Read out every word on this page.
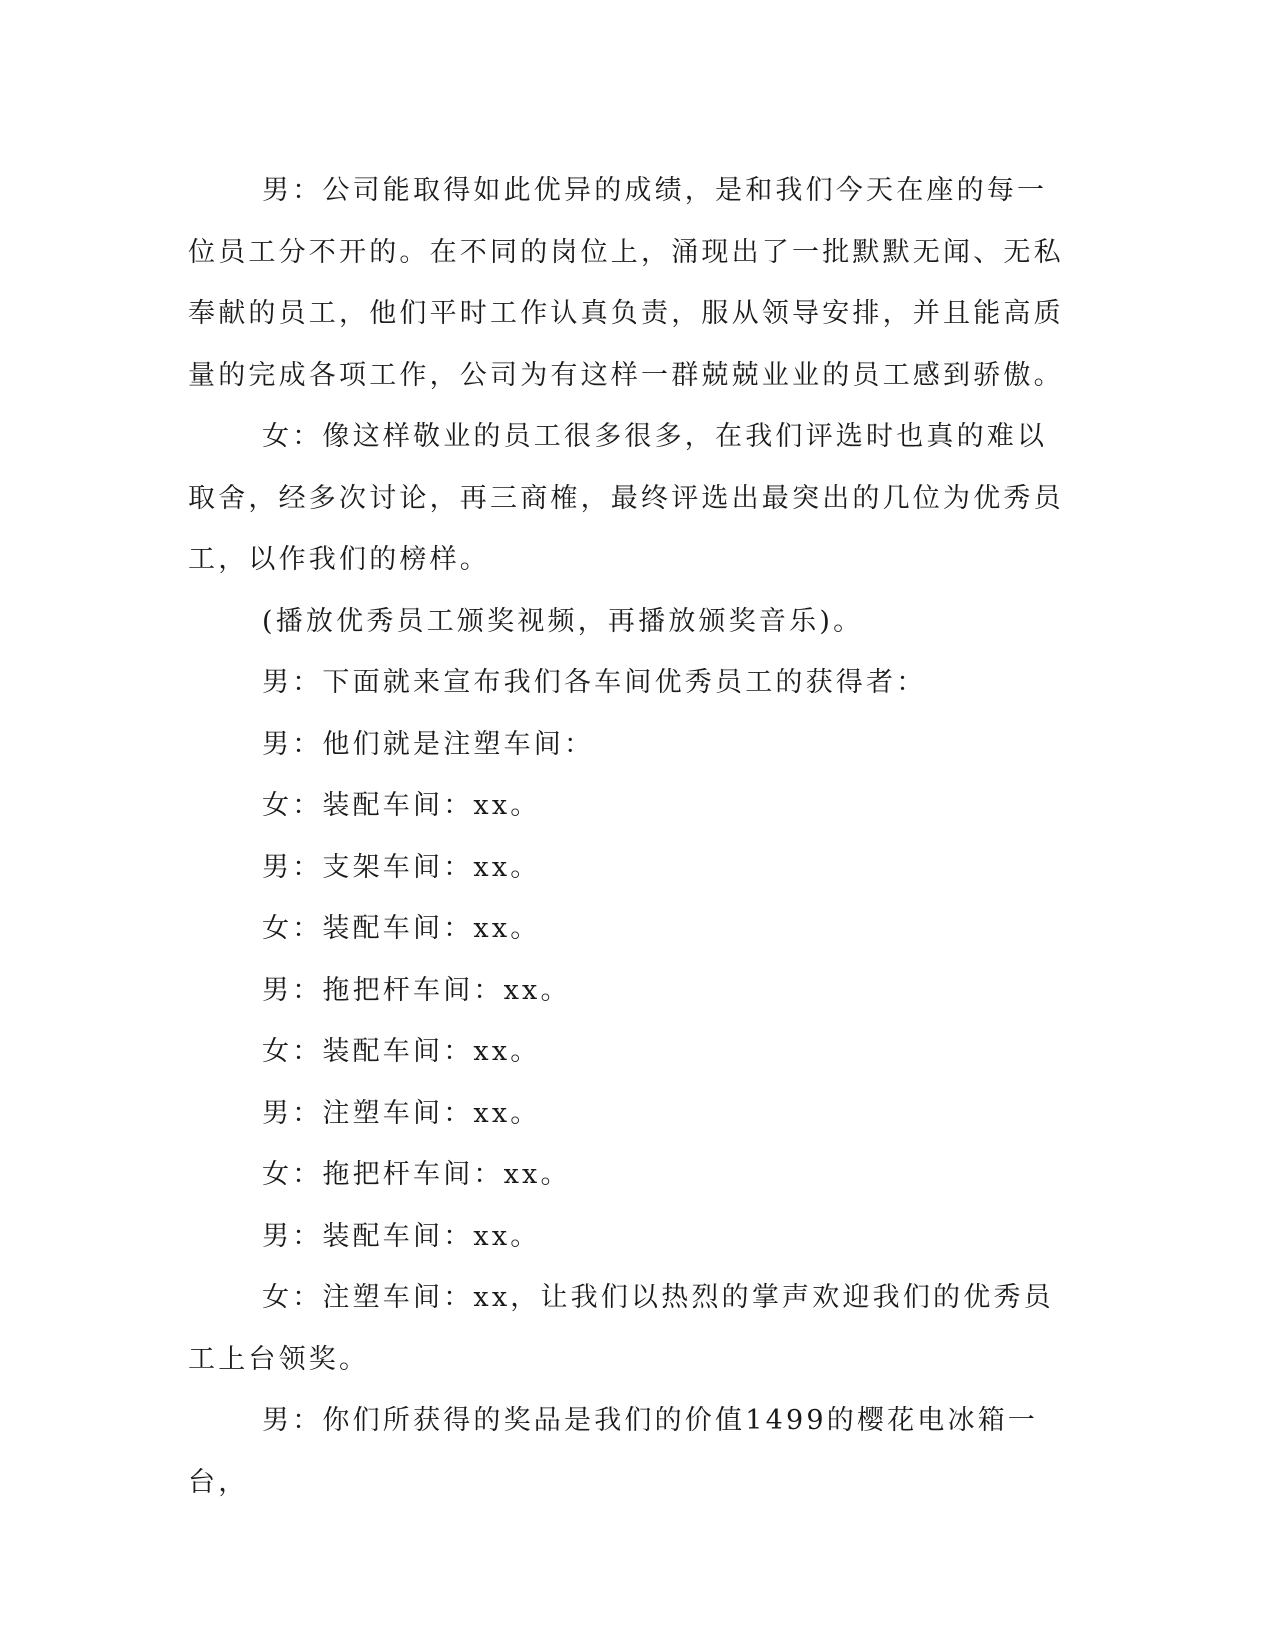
男：公司能取得如此优异的成绩，是和我们今天在座的每一位员工分不开的。在不同的岗位上，涌现出了一批默默无闻、无私奉献的员工，他们平时工作认真负责，服从领导安排，并且能高质量的完成各项工作，公司为有这样一群兢兢业业的员工感到骄傲。

女：像这样敬业的员工很多很多，在我们评选时也真的难以取舍，经多次讨论，再三商榷，最终评选出最突出的几位为优秀员工，以作我们的榜样。

(播放优秀员工颁奖视频，再播放颁奖音乐)。

男：下面就来宣布我们各车间优秀员工的获得者：

男：他们就是注塑车间：

女：装配车间：xx。

男：支架车间：xx。

女：装配车间：xx。

男：拖把杆车间：xx。

女：装配车间：xx。

男：注塑车间：xx。

女：拖把杆车间：xx。

男：装配车间：xx。

女：注塑车间：xx，让我们以热烈的掌声欢迎我们的优秀员工上台领奖。

男：你们所获得的奖品是我们的价值1499的樱花电冰箱一台，
